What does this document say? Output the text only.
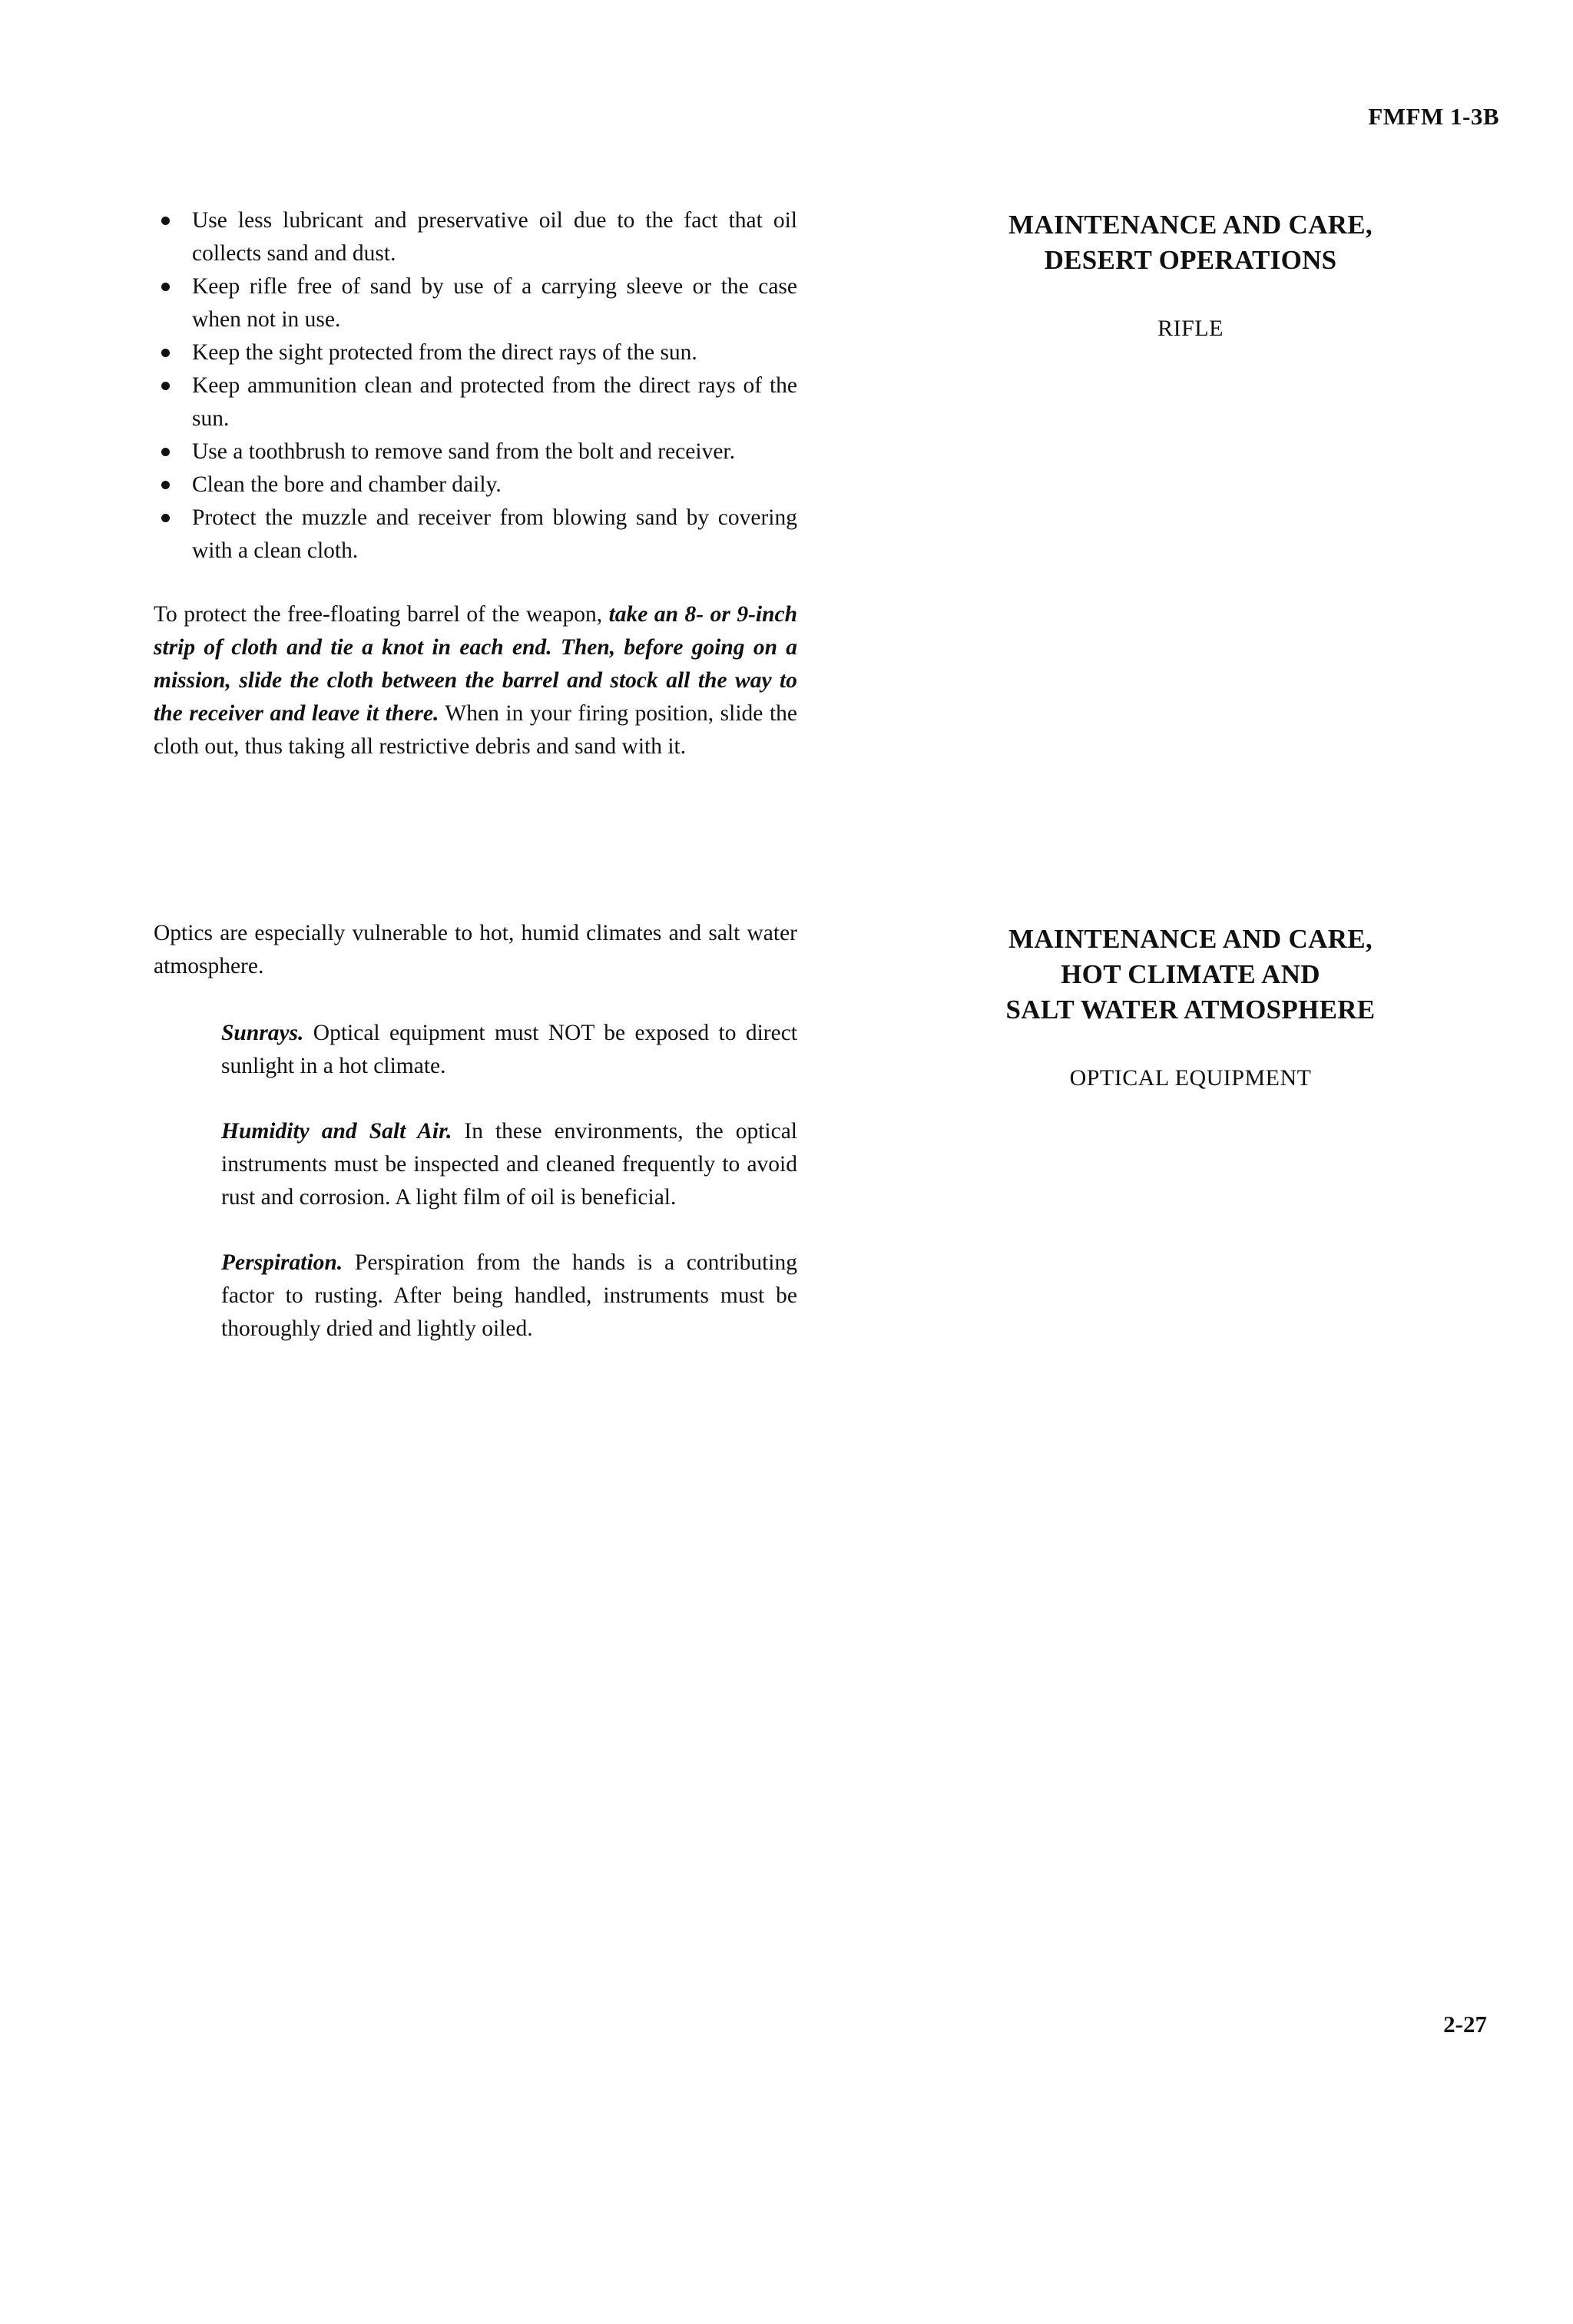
FMFM 1-3B
Use less lubricant and preservative oil due to the fact that oil collects sand and dust.
Keep rifle free of sand by use of a carrying sleeve or the case when not in use.
Keep the sight protected from the direct rays of the sun.
Keep ammunition clean and protected from the direct rays of the sun.
Use a toothbrush to remove sand from the bolt and receiver.
Clean the bore and chamber daily.
Protect the muzzle and receiver from blowing sand by covering with a clean cloth.

To protect the free-floating barrel of the weapon, take an 8- or 9-inch strip of cloth and tie a knot in each end. Then, before going on a mission, slide the cloth between the barrel and stock all the way to the receiver and leave it there. When in your firing position, slide the cloth out, thus taking all restrictive debris and sand with it.

MAINTENANCE AND CARE,
DESERT OPERATIONS
RIFLE

Optics are especially vulnerable to hot, humid climates and salt water atmosphere.

Sunrays. Optical equipment must NOT be exposed to direct sunlight in a hot climate.

Humidity and Salt Air. In these environments, the optical instruments must be inspected and cleaned frequently to avoid rust and corrosion. A light film of oil is beneficial.

Perspiration. Perspiration from the hands is a contributing factor to rusting. After being handled, instruments must be thoroughly dried and lightly oiled.

MAINTENANCE AND CARE,
HOT CLIMATE AND
SALT WATER ATMOSPHERE
OPTICAL EQUIPMENT
2-27
